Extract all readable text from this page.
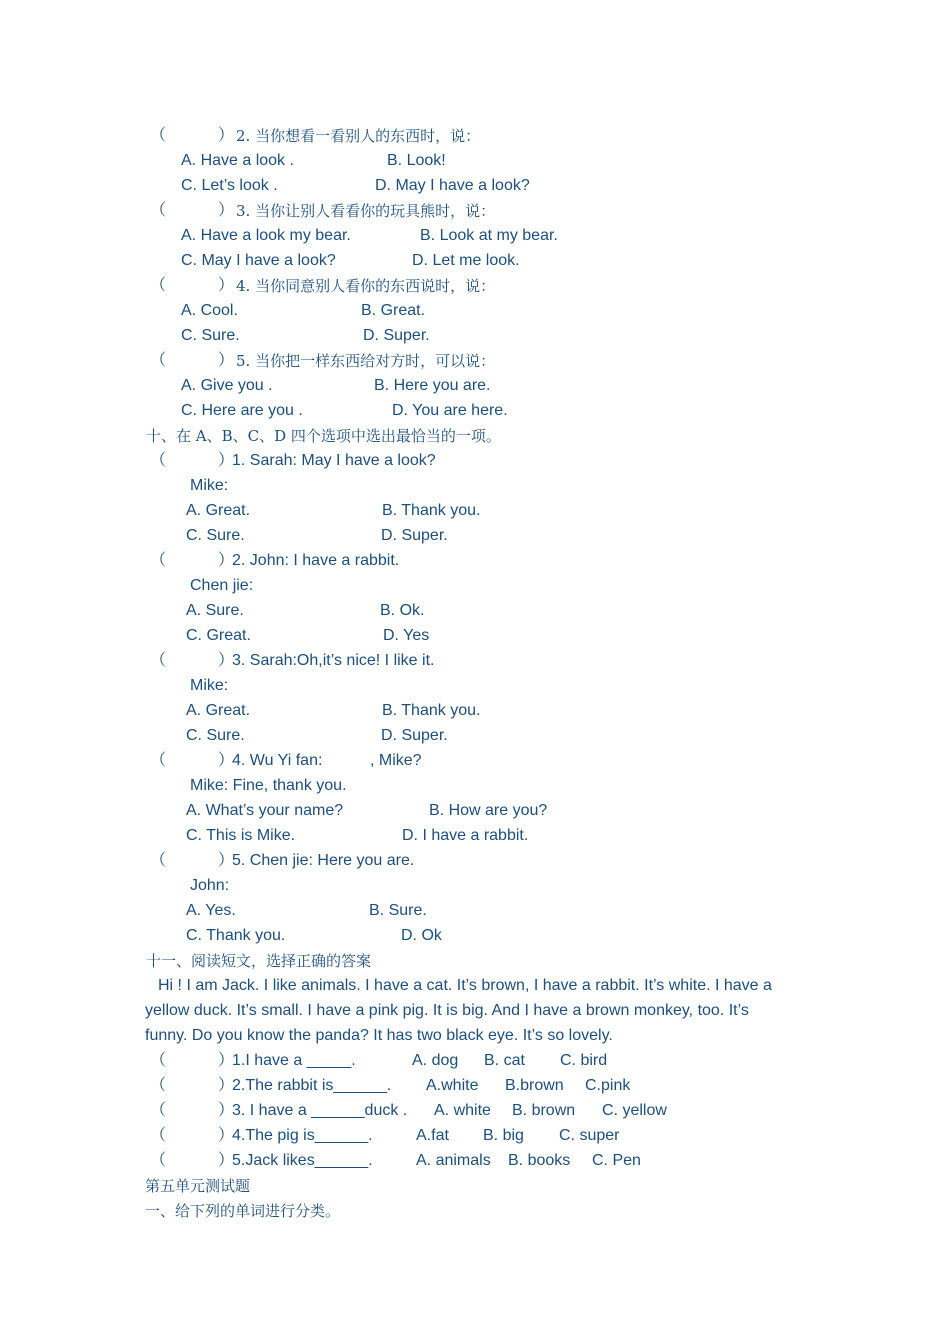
（	） 2. 当你想看一看别人的东西时，说：
A. Have a look .	B. Look!
C. Let’s look .	D. May I have a look?
（	） 3. 当你让别人看看你的玩具熊时，说：
A. Have a look my bear.	B. Look at my bear.
C. May I have a look?	D. Let me look.
（	） 4. 当你同意别人看你的东西说时，说：
A. Cool.	B. Great.
C. Sure.	D. Super.
（	） 5. 当你把一样东西给对方时，可以说：
A. Give you .	B. Here you are.
C. Here are you .	D. You are here.
十、在 A、B、C、D 四个选项中选出最恰当的一项。
（	）
1. Sarah: May I have a look?
Mike:
A. Great.	B. Thank you.
C. Sure.	D. Super.
（	）
2. John: I have a rabbit.
Chen jie:
A. Sure.	B. Ok.
C. Great.	D. Yes
（	）
3. Sarah:Oh,it’s nice! I like it.
Mike:
A. Great.	B. Thank you.
C. Sure.	D. Super.
（	）
4. Wu Yi fan:	, Mike?
Mike: Fine, thank you.
A. What’s your name?	B. How are you?
C. This is Mike.	D. I have a rabbit.
（	）
5. Chen jie: Here you are.
John:
A. Yes.	B. Sure.
C. Thank you.	D. Ok
十一、阅读短文，选择正确的答案
Hi ! I am Jack. I like animals. I have a cat. It’s brown, I have a rabbit. It’s white. I have a
yellow duck. It’s small. I have a pink pig. It is big. And I have a brown monkey, too. It’s
funny. Do you know the panda? It has two black eye. It’s so lovely.
（	）
1.I have a _____.	A. dog B. cat C. bird
（	）
2.The rabbit is______. A.white B.brown C.pink
（	）
3. I have a ______duck . A. white B. brown C. yellow
（	）
4.The pig is______.	A.fat B. big C. super
（	）
5.Jack likes______.	A. animals B. books C. Pen
第五单元测试题
一、给下列的单词进行分类。
